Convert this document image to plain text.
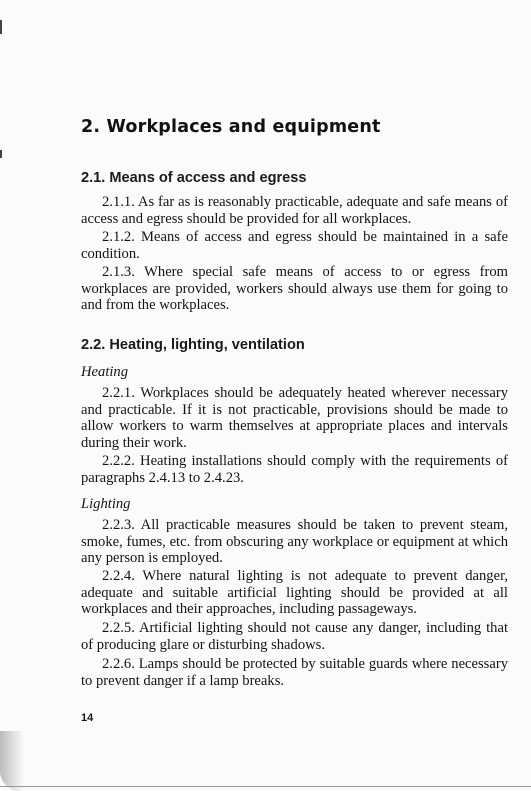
2. Workplaces and equipment
2.1. Means of access and egress

2.1.1. As far as is reasonably practicable, adequate and safe means of access and egress should be provided for all workplaces.

2.1.2. Means of access and egress should be maintained in a safe condition.

2.1.3. Where special safe means of access to or egress from workplaces are provided, workers should always use them for going to and from the workplaces.

2.2. Heating, lighting, ventilation

Heating

2.2.1. Workplaces should be adequately heated wherever necessary and practicable. If it is not practicable, provisions should be made to allow workers to warm themselves at appropriate places and intervals during their work.

2.2.2. Heating installations should comply with the requirements of paragraphs 2.4.13 to 2.4.23.

Lighting

2.2.3. All practicable measures should be taken to prevent steam, smoke, fumes, etc. from obscuring any workplace or equipment at which any person is employed.

2.2.4. Where natural lighting is not adequate to prevent danger, adequate and suitable artificial lighting should be provided at all workplaces and their approaches, including passageways.

2.2.5. Artificial lighting should not cause any danger, including that of producing glare or disturbing shadows.

2.2.6. Lamps should be protected by suitable guards where necessary to prevent danger if a lamp breaks.

14
